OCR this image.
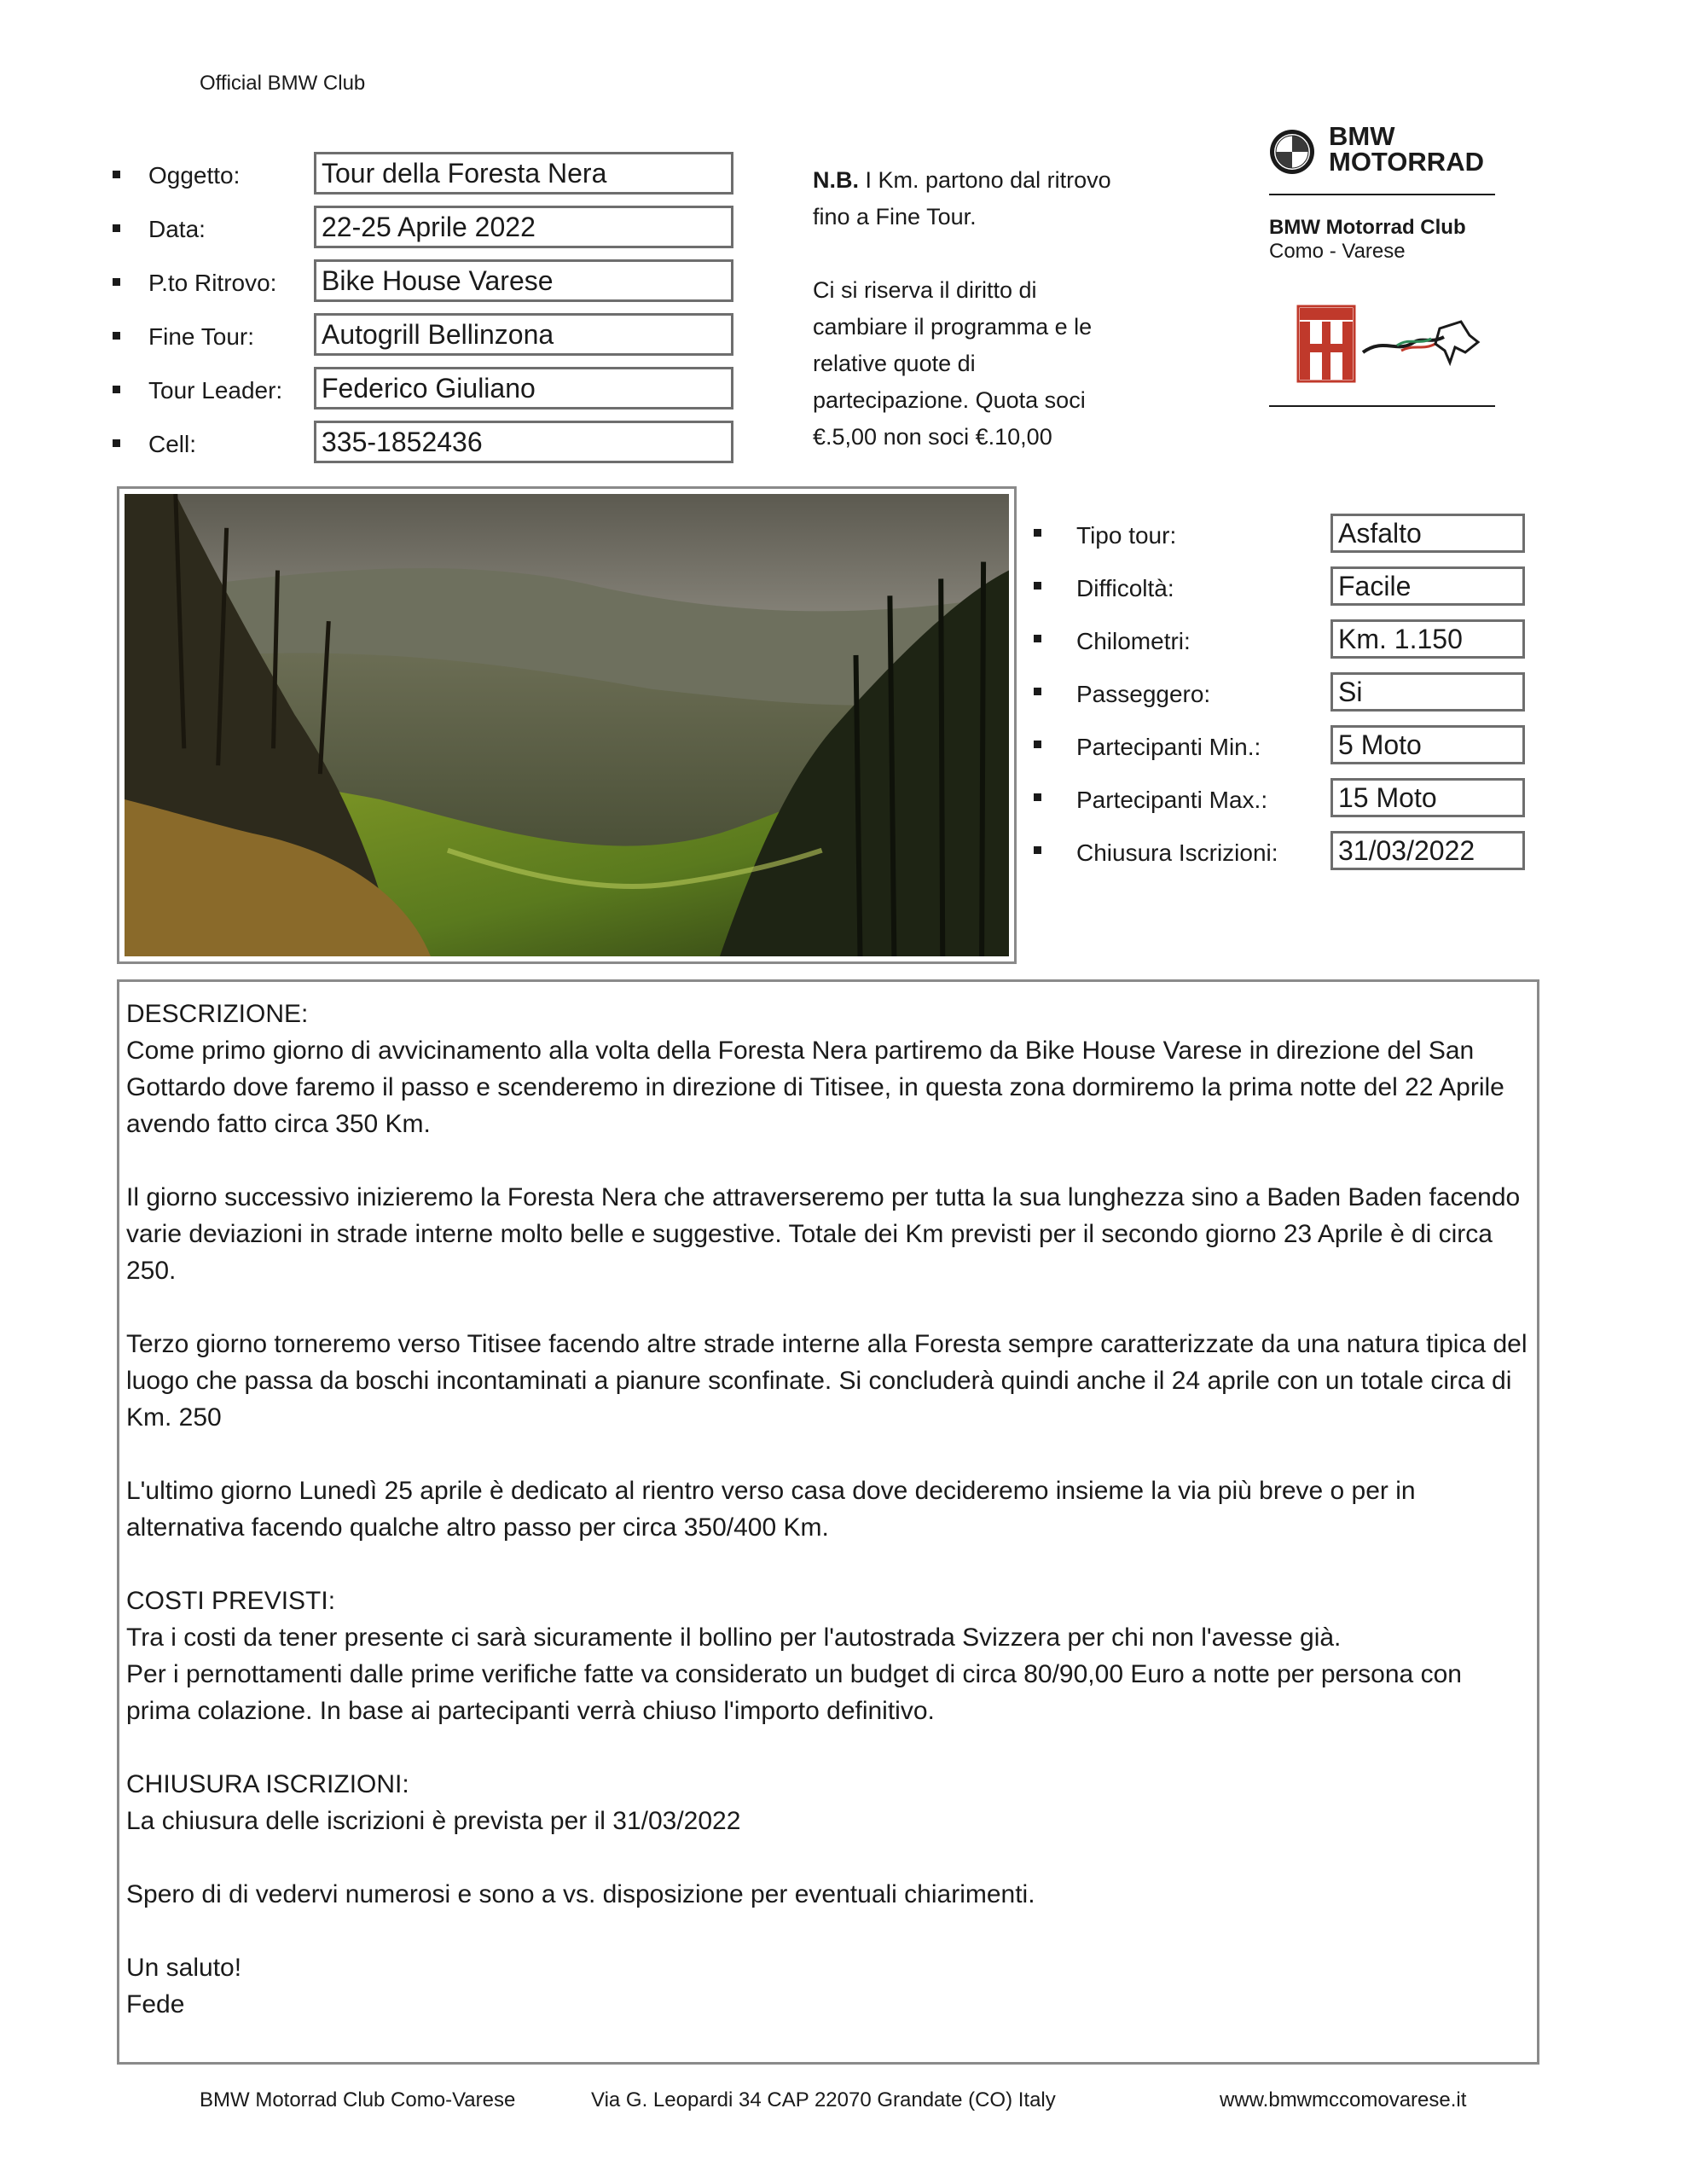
Official BMW Club
Oggetto:	Tour della Foresta Nera
Data:	22-25 Aprile 2022
P.to Ritrovo: Bike House Varese
Fine Tour: Autogrill Bellinzona
Tour Leader: Federico Giuliano
Cell:	335-1852436
N.B. I Km. partono dal ritrovo
fino a Fine Tour.
Ci si riserva il diritto di
cambiare il programma e le
relative quote di
partecipazione. Quota soci
€.5,00 non soci €.10,00
BMW
MOTORRAD
BMW Motorrad Club
Como - Varese
Tipo tour:	Asfalto
Difficoltà:	Facile
Chilometri:	Km. 1.150
Passeggero:	Si
Partecipanti Min.:	5 Moto
Partecipanti Max.:	15 Moto
Chiusura Iscrizioni: 31/03/2022
DESCRIZIONE:

Come primo giorno di avvicinamento alla volta della Foresta Nera partiremo da Bike House Varese in direzione del San Gottardo dove faremo il passo e scenderemo in direzione di Titisee, in questa zona dormiremo la prima notte del 22 Aprile avendo fatto circa 350 Km.

Il giorno successivo inizieremo la Foresta Nera che attraverseremo per tutta la sua lunghezza sino a Baden Baden facendo varie deviazioni in strade interne molto belle e suggestive. Totale dei Km previsti per il secondo giorno 23 Aprile è di circa 250.

Terzo giorno torneremo verso Titisee facendo altre strade interne alla Foresta sempre caratterizzate da una natura tipica del luogo che passa da boschi incontaminati a pianure sconfinate. Si concluderà quindi anche il 24 aprile con un totale circa di Km. 250

L'ultimo giorno Lunedì 25 aprile è dedicato al rientro verso casa dove decideremo insieme la via più breve o per in alternativa facendo qualche altro passo per circa 350/400 Km.

COSTI PREVISTI:
Tra i costi da tener presente ci sarà sicuramente il bollino per l'autostrada Svizzera per chi non l'avesse già.

Per i pernottamenti dalle prime verifiche fatte va considerato un budget di circa 80/90,00 Euro a notte per persona con prima colazione. In base ai partecipanti verrà chiuso l'importo definitivo.

CHIUSURA ISCRIZIONI:

La chiusura delle iscrizioni è prevista per il 31/03/2022

Spero di di vedervi numerosi e sono a vs. disposizione per eventuali chiarimenti.

Un saluto!
Fede
BMW Motorrad Club Como-Varese	Via G. Leopardi 34 CAP 22070 Grandate (CO) Italy	www.bmwmccomovarese.it
